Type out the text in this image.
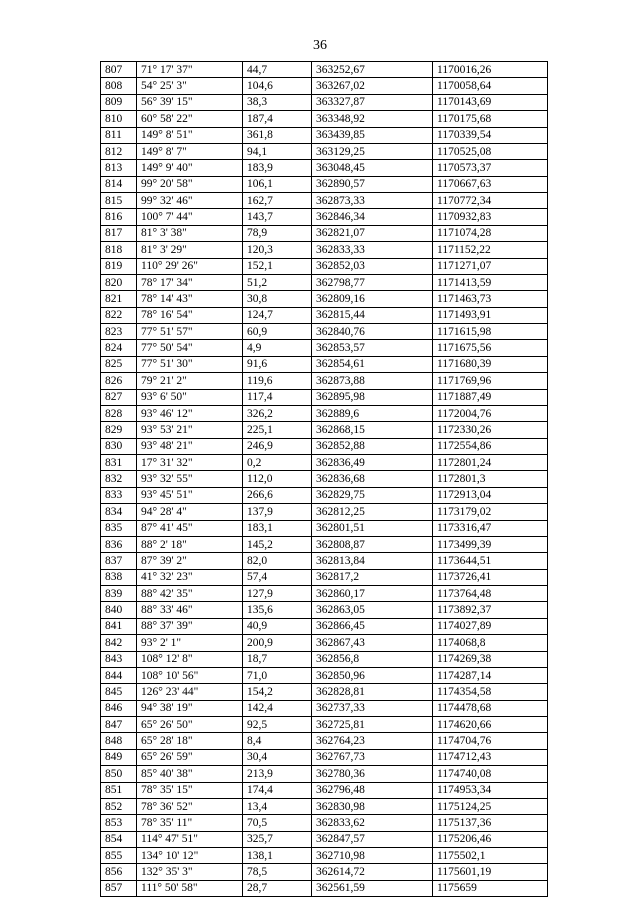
36
807	71° 17' 37"	44,7	363252,67	1170016,26
808	54° 25' 3"	104,6	363267,02	1170058,64
809	56° 39' 15"	38,3	363327,87	1170143,69
810	60° 58' 22"	187,4	363348,92	1170175,68
811	149° 8' 51"	361,8	363439,85	1170339,54
812	149° 8' 7"	94,1	363129,25	1170525,08
813	149° 9' 40"	183,9	363048,45	1170573,37
814	99° 20' 58"	106,1	362890,57	1170667,63
815	99° 32' 46"	162,7	362873,33	1170772,34
816	100° 7' 44"	143,7	362846,34	1170932,83
817	81° 3' 38"	78,9	362821,07	1171074,28
818	81° 3' 29"	120,3	362833,33	1171152,22
819	110° 29' 26"	152,1	362852,03	1171271,07
820	78° 17' 34"	51,2	362798,77	1171413,59
821	78° 14' 43"	30,8	362809,16	1171463,73
822	78° 16' 54"	124,7	362815,44	1171493,91
823	77° 51' 57"	60,9	362840,76	1171615,98
824	77° 50' 54"	4,9	362853,57	1171675,56
825	77° 51' 30"	91,6	362854,61	1171680,39
826	79° 21' 2"	119,6	362873,88	1171769,96
827	93° 6' 50"	117,4	362895,98	1171887,49
828	93° 46' 12"	326,2	362889,6	1172004,76
829	93° 53' 21"	225,1	362868,15	1172330,26
830	93° 48' 21"	246,9	362852,88	1172554,86
831	17° 31' 32"	0,2	362836,49	1172801,24
832	93° 32' 55"	112,0	362836,68	1172801,3
833	93° 45' 51"	266,6	362829,75	1172913,04
834	94° 28' 4"	137,9	362812,25	1173179,02
835	87° 41' 45"	183,1	362801,51	1173316,47
836	88° 2' 18"	145,2	362808,87	1173499,39
837	87° 39' 2"	82,0	362813,84	1173644,51
838	41° 32' 23"	57,4	362817,2	1173726,41
839	88° 42' 35"	127,9	362860,17	1173764,48
840	88° 33' 46"	135,6	362863,05	1173892,37
841	88° 37' 39"	40,9	362866,45	1174027,89
842	93° 2' 1"	200,9	362867,43	1174068,8
843	108° 12' 8"	18,7	362856,8	1174269,38
844	108° 10' 56"	71,0	362850,96	1174287,14
845	126° 23' 44"	154,2	362828,81	1174354,58
846	94° 38' 19"	142,4	362737,33	1174478,68
847	65° 26' 50"	92,5	362725,81	1174620,66
848	65° 28' 18"	8,4	362764,23	1174704,76
849	65° 26' 59"	30,4	362767,73	1174712,43
850	85° 40' 38"	213,9	362780,36	1174740,08
851	78° 35' 15"	174,4	362796,48	1174953,34
852	78° 36' 52"	13,4	362830,98	1175124,25
853	78° 35' 11"	70,5	362833,62	1175137,36
854	114° 47' 51"	325,7	362847,57	1175206,46
855	134° 10' 12"	138,1	362710,98	1175502,1
856	132° 35' 3"	78,5	362614,72	1175601,19
857	111° 50' 58"	28,7	362561,59	1175659
